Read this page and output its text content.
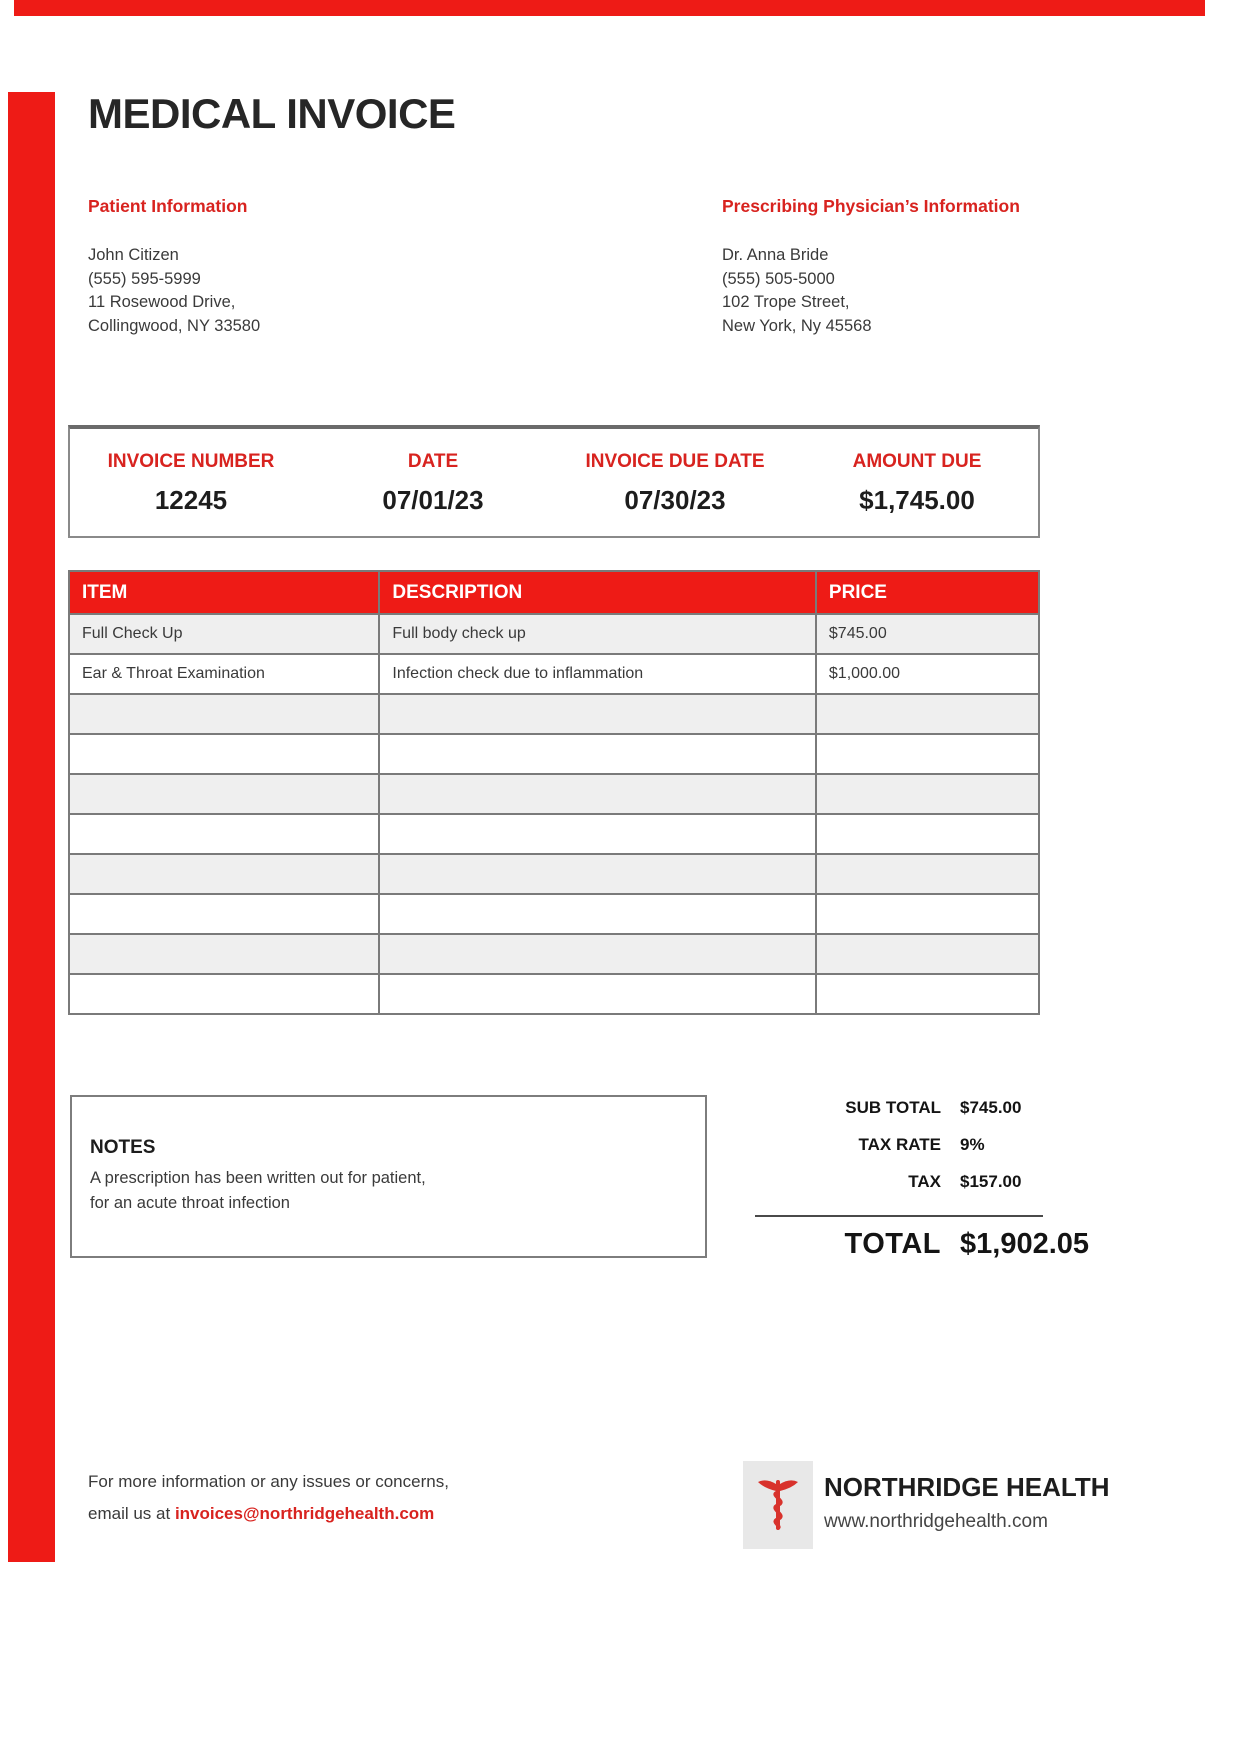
MEDICAL INVOICE
Patient Information
John Citizen
(555) 595-5999
11 Rosewood Drive,
Collingwood, NY 33580
Prescribing Physician’s Information
Dr. Anna Bride
(555) 505-5000
102 Trope Street,
New York, Ny 45568
INVOICE NUMBER	DATE	INVOICE DUE DATE	AMOUNT DUE
12245	07/01/23	07/30/23	$1,745.00
ITEM	DESCRIPTION	PRICE
Full Check Up	Full body check up	$745.00
Ear & Throat Examination	Infection check due to inflammation	$1,000.00

NOTES
A prescription has been written out for patient,
for an acute throat infection
SUB TOTAL	$745.00
TAX RATE	9%
TAX	$157.00
TOTAL $1,902.05
For more information or any issues or concerns,
email us at invoices@northridgehealth.com
NORTHRIDGE HEALTH
www.northridgehealth.com
